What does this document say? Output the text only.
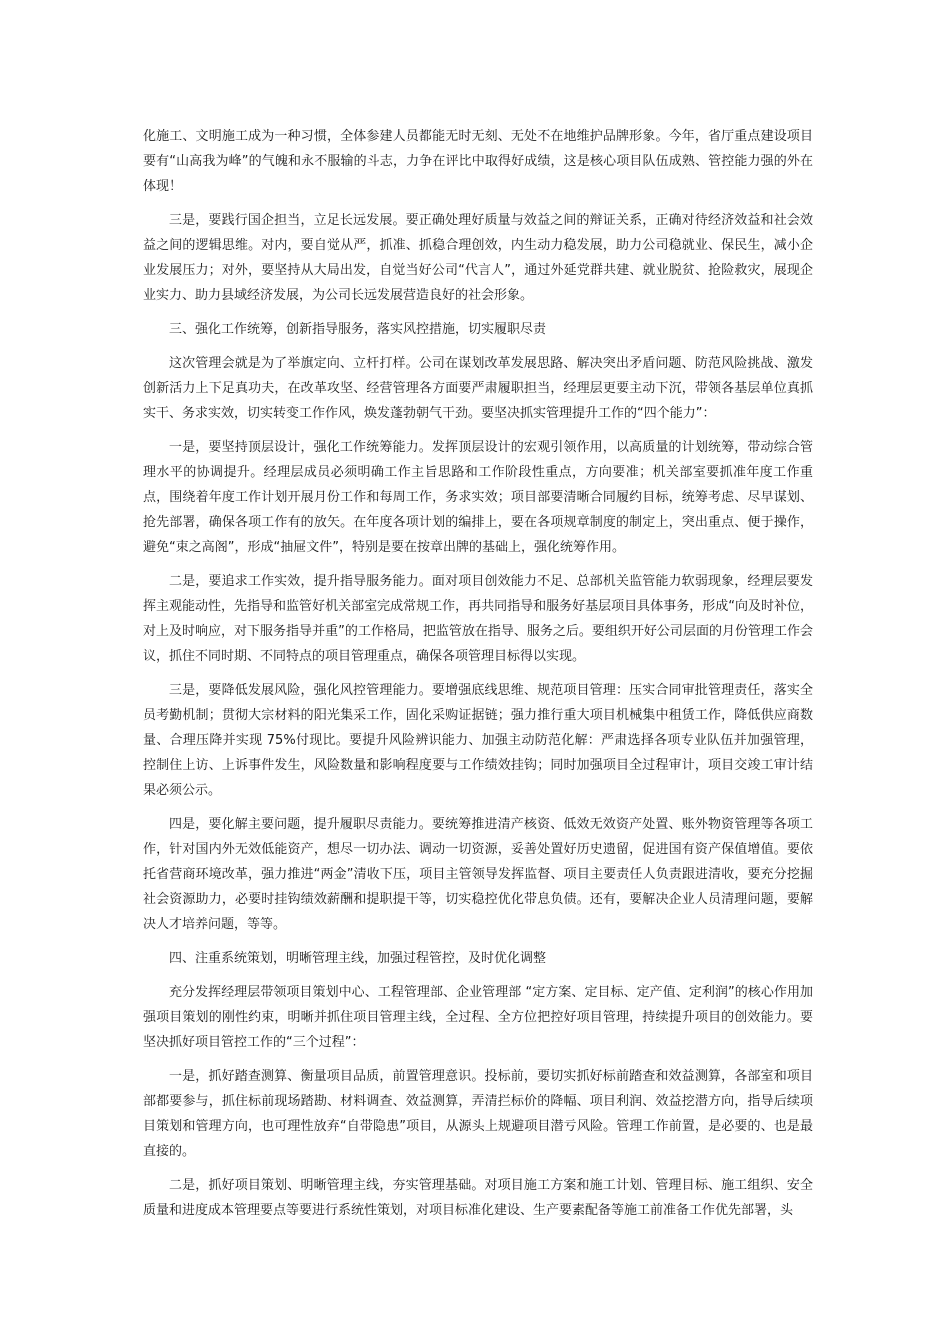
化施工、文明施工成为一种习惯，全体参建人员都能无时无刻、无处不在地维护品牌形象。今年，省厅重点建设项目要有“山高我为峰”的气魄和永不服输的斗志，力争在评比中取得好成绩，这是核心项目队伍成熟、管控能力强的外在体现！

三是，要践行国企担当，立足长远发展。要正确处理好质量与效益之间的辩证关系，正确对待经济效益和社会效益之间的逻辑思维。对内，要自觉从严，抓准、抓稳合理创效，内生动力稳发展，助力公司稳就业、保民生，减小企业发展压力；对外，要坚持从大局出发，自觉当好公司“代言人”，通过外延党群共建、就业脱贫、抢险救灾，展现企业实力、助力县域经济发展，为公司长远发展营造良好的社会形象。

三、强化工作统筹，创新指导服务，落实风控措施，切实履职尽责

这次管理会就是为了举旗定向、立杆打样。公司在谋划改革发展思路、解决突出矛盾问题、防范风险挑战、激发创新活力上下足真功夫，在改革攻坚、经营管理各方面要严肃履职担当，经理层更要主动下沉，带领各基层单位真抓实干、务求实效，切实转变工作作风，焕发蓬勃朝气干劲。要坚决抓实管理提升工作的“四个能力”：

一是，要坚持顶层设计，强化工作统筹能力。发挥顶层设计的宏观引领作用，以高质量的计划统筹，带动综合管理水平的协调提升。经理层成员必须明确工作主旨思路和工作阶段性重点，方向要准；机关部室要抓准年度工作重点，围绕着年度工作计划开展月份工作和每周工作，务求实效；项目部要清晰合同履约目标，统筹考虑、尽早谋划、抢先部署，确保各项工作有的放矢。在年度各项计划的编排上，要在各项规章制度的制定上，突出重点、便于操作，避免“束之高阁”，形成“抽屉文件”，特别是要在按章出牌的基础上，强化统筹作用。

二是，要追求工作实效，提升指导服务能力。面对项目创效能力不足、总部机关监管能力软弱现象，经理层要发挥主观能动性，先指导和监管好机关部室完成常规工作，再共同指导和服务好基层项目具体事务，形成“向及时补位，对上及时响应，对下服务指导并重”的工作格局，把监管放在指导、服务之后。要组织开好公司层面的月份管理工作会议，抓住不同时期、不同特点的项目管理重点，确保各项管理目标得以实现。

三是，要降低发展风险，强化风控管理能力。要增强底线思维、规范项目管理：压实合同审批管理责任，落实全员考勤机制；贯彻大宗材料的阳光集采工作，固化采购证据链；强力推行重大项目机械集中租赁工作，降低供应商数量、合理压降并实现 75%付现比。要提升风险辨识能力、加强主动防范化解：严肃选择各项专业队伍并加强管理，控制住上访、上诉事件发生，风险数量和影响程度要与工作绩效挂钩；同时加强项目全过程审计，项目交竣工审计结果必须公示。

四是，要化解主要问题，提升履职尽责能力。要统筹推进清产核资、低效无效资产处置、账外物资管理等各项工作，针对国内外无效低能资产，想尽一切办法、调动一切资源，妥善处置好历史遗留，促进国有资产保值增值。要依托省营商环境改革，强力推进“两金”清收下压，项目主管领导发挥监督、项目主要责任人负责跟进清收，要充分挖掘社会资源助力，必要时挂钩绩效薪酬和提职提干等，切实稳控优化带息负债。还有，要解决企业人员清理问题，要解决人才培养问题，等等。

四、注重系统策划，明晰管理主线，加强过程管控，及时优化调整

充分发挥经理层带领项目策划中心、工程管理部、企业管理部 “定方案、定目标、定产值、定利润”的核心作用加强项目策划的刚性约束，明晰并抓住项目管理主线，全过程、全方位把控好项目管理，持续提升项目的创效能力。要坚决抓好项目管控工作的“三个过程”：

一是，抓好踏查测算、衡量项目品质，前置管理意识。投标前，要切实抓好标前踏查和效益测算，各部室和项目部都要参与，抓住标前现场踏勘、材料调查、效益测算，弄清拦标价的降幅、项目利润、效益挖潜方向，指导后续项目策划和管理方向，也可理性放弃“自带隐患”项目，从源头上规避项目潜亏风险。管理工作前置，是必要的、也是最直接的。

二是，抓好项目策划、明晰管理主线，夯实管理基础。对项目施工方案和施工计划、管理目标、施工组织、安全质量和进度成本管理要点等要进行系统性策划，对项目标准化建设、生产要素配备等施工前准备工作优先部署，头
